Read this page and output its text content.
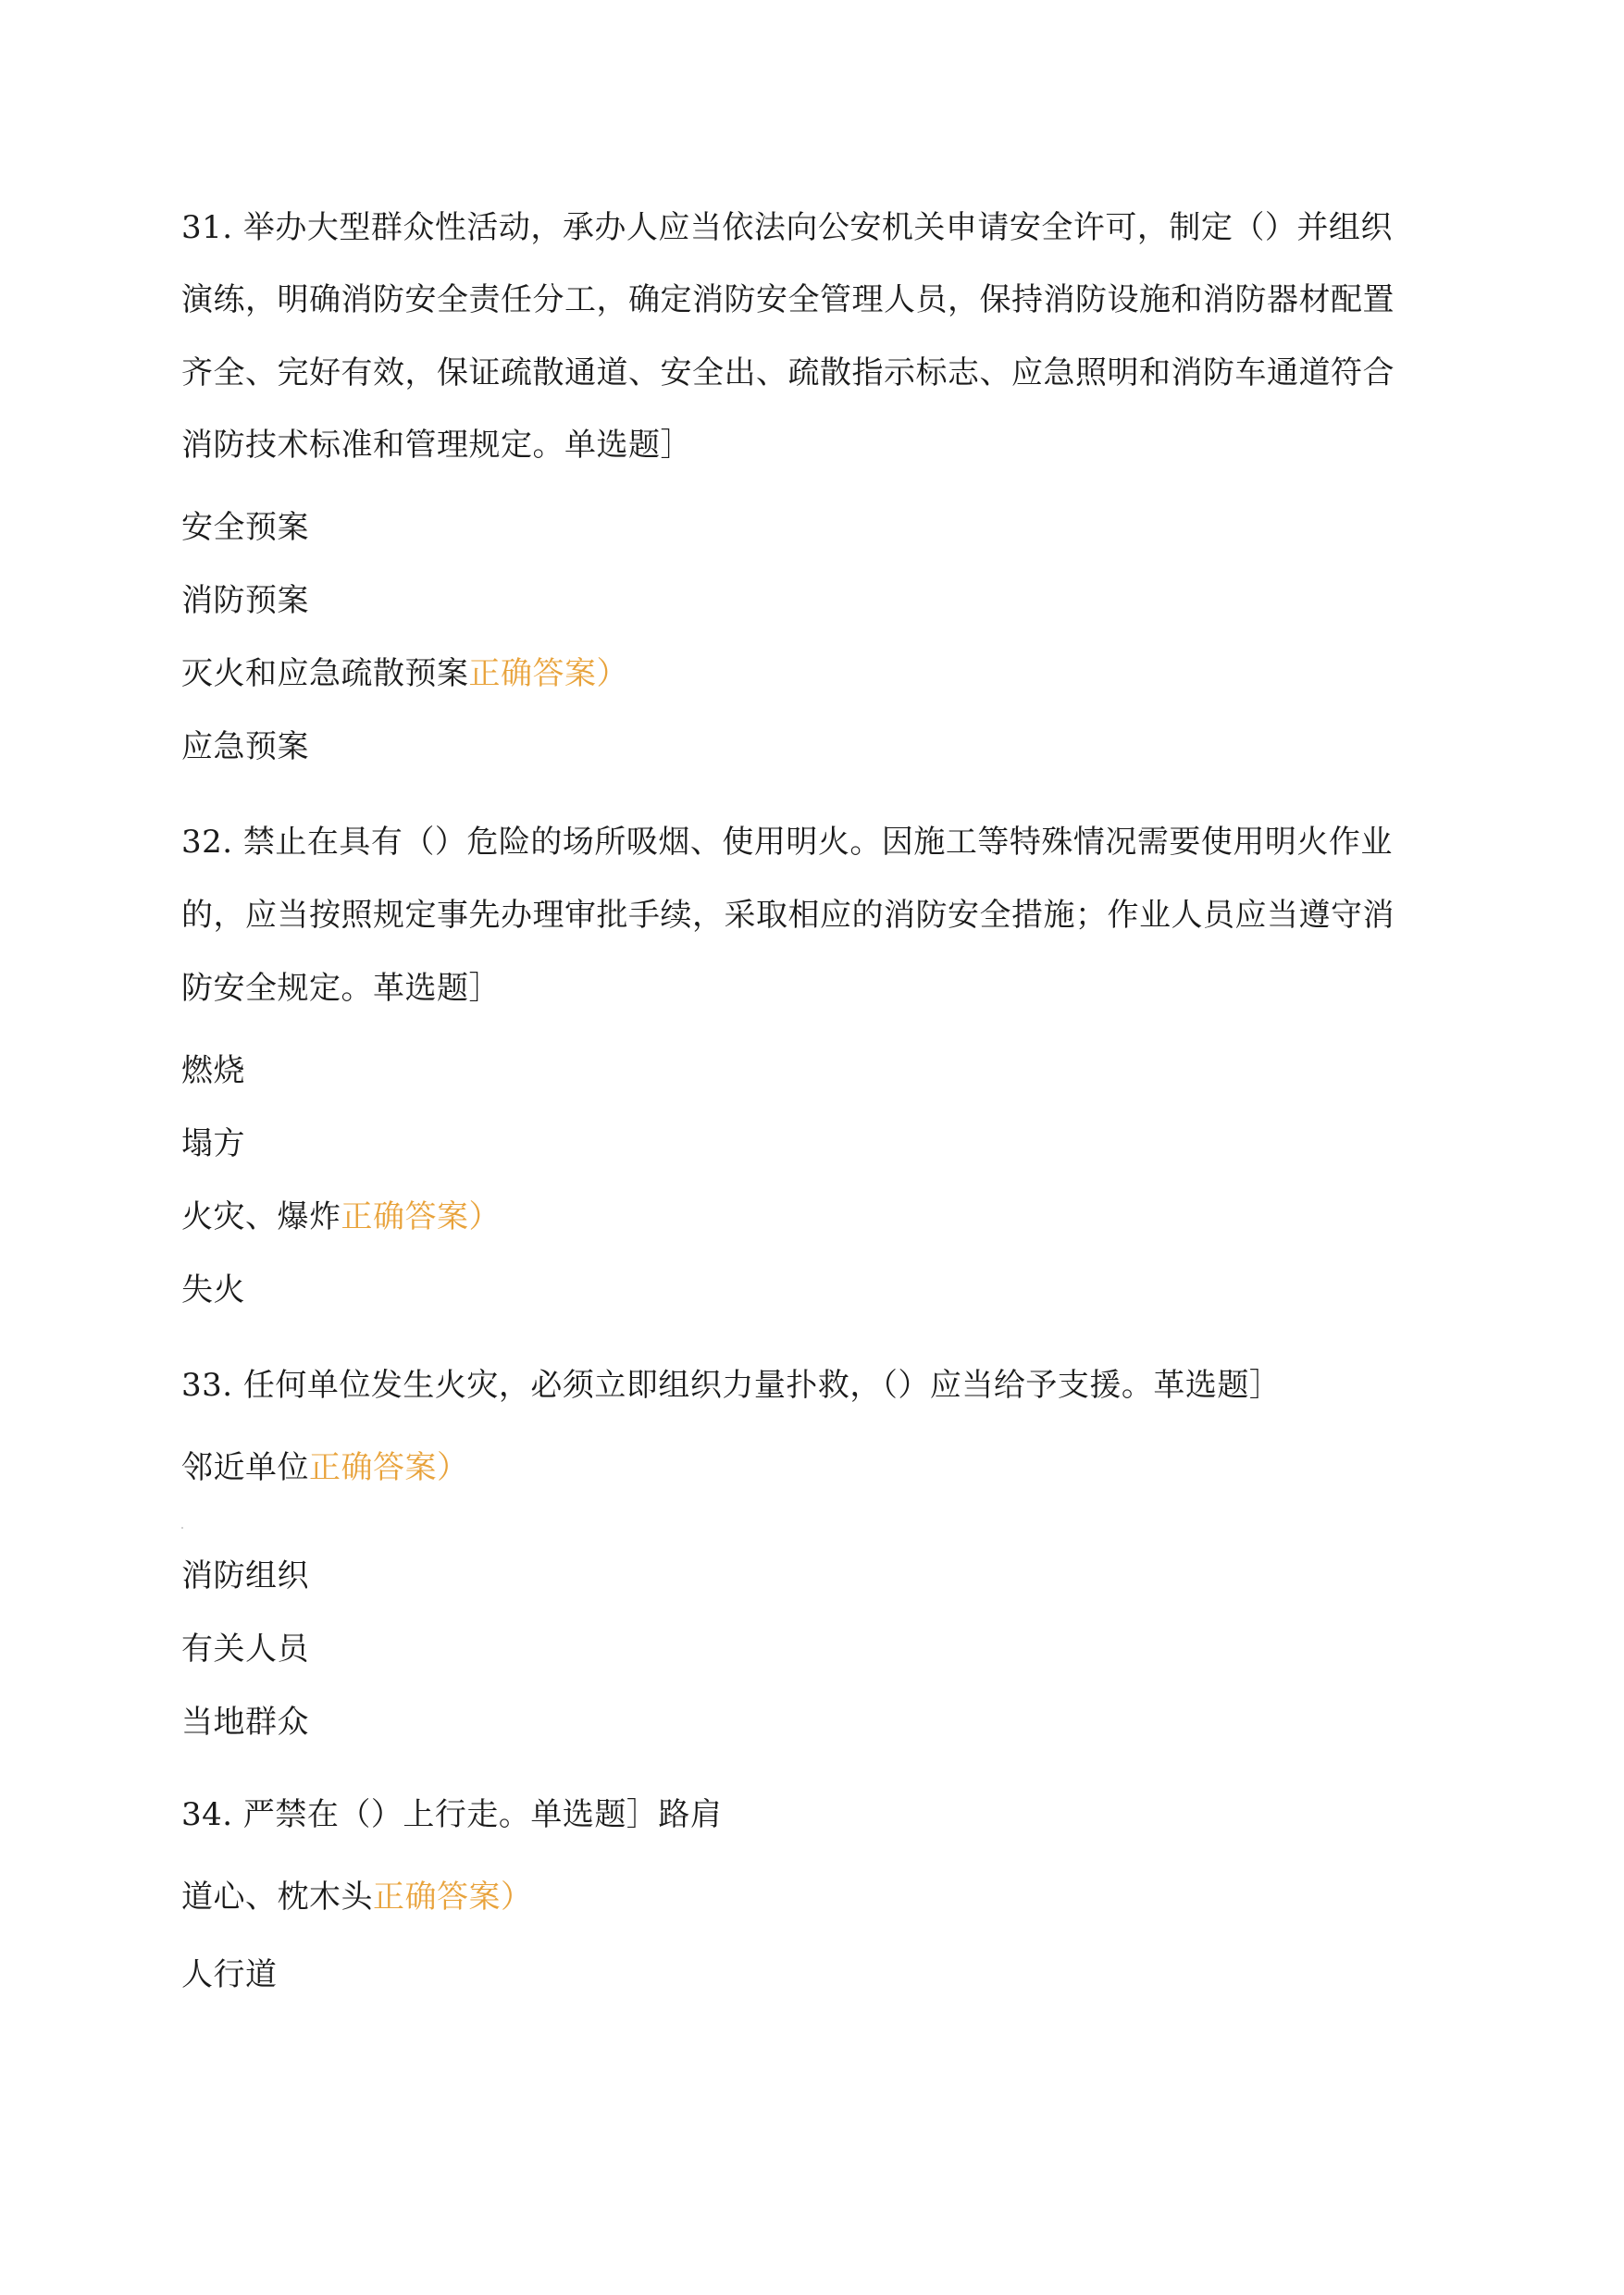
31. 举办大型群众性活动，承办人应当依法向公安机关申请安全许可，制定（）并组织
演练，明确消防安全责任分工，确定消防安全管理人员，保持消防设施和消防器材配置
齐全、完好有效，保证疏散通道、安全出、疏散指示标志、应急照明和消防车通道符合
消防技术标准和管理规定。单选题］
安全预案
消防预案
灭火和应急疏散预案正确答案）
应急预案
32. 禁止在具有（）危险的场所吸烟、使用明火。因施工等特殊情况需要使用明火作业
的，应当按照规定事先办理审批手续，采取相应的消防安全措施；作业人员应当遵守消
防安全规定。革选题］
燃烧
塌方
火灾、爆炸正确答案）
失火
33. 任何单位发生火灾，必须立即组织力量扑救，（）应当给予支援。革选题］
邻近单位正确答案）
消防组织
有关人员
当地群众
34. 严禁在（）上行走。单选题］路肩
道心、枕木头正确答案）
人行道
